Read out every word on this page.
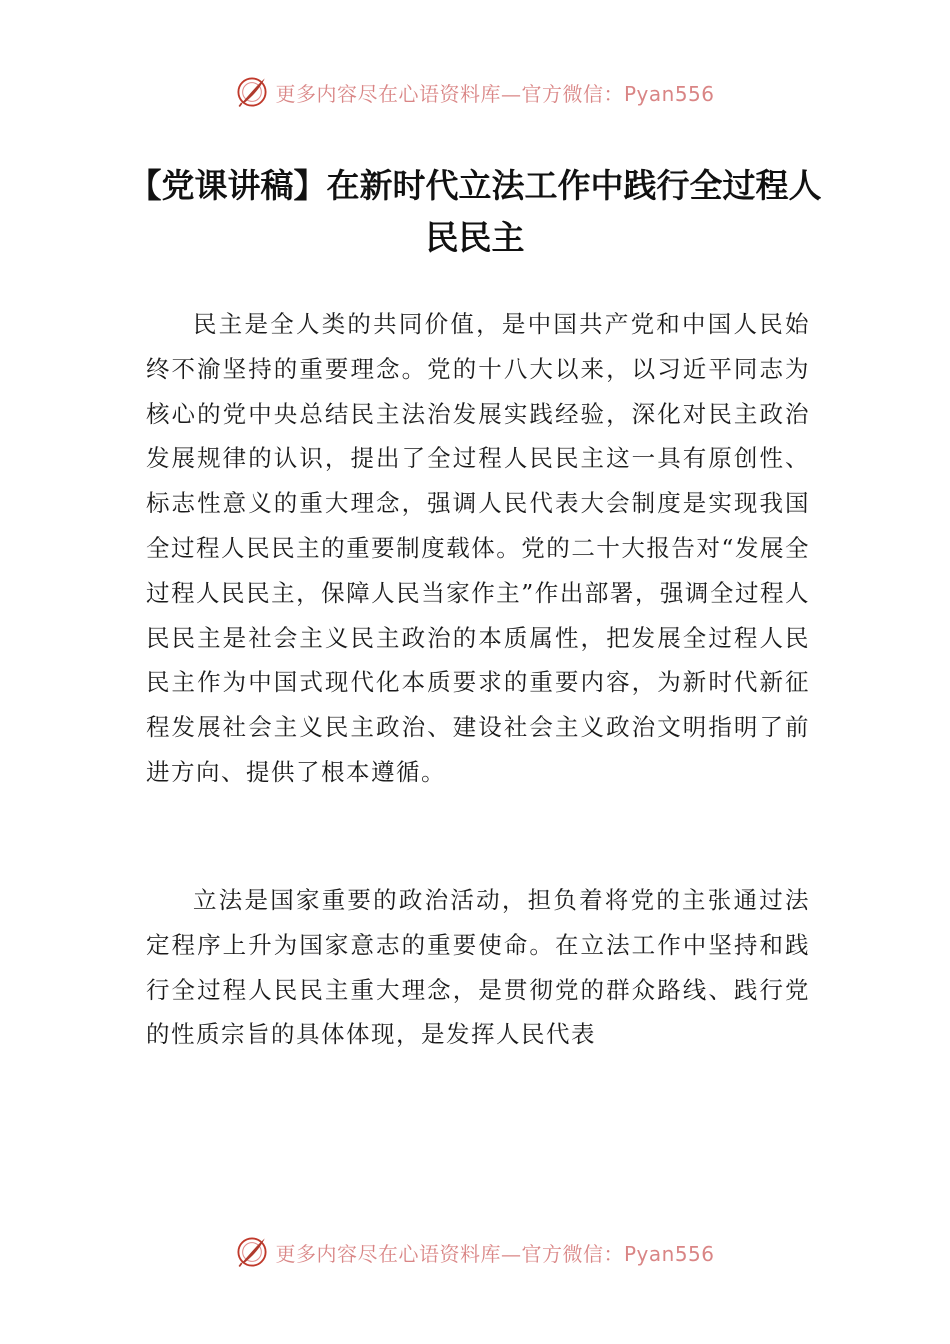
更多内容尽在心语资料库—官方微信：Pyan556
【党课讲稿】在新时代立法工作中践行全过程人民民主

民主是全人类的共同价值，是中国共产党和中国人民始终不渝坚持的重要理念。党的十八大以来，以习近平同志为核心的党中央总结民主法治发展实践经验，深化对民主政治发展规律的认识，提出了全过程人民民主这一具有原创性、标志性意义的重大理念，强调人民代表大会制度是实现我国全过程人民民主的重要制度载体。党的二十大报告对“发展全过程人民民主，保障人民当家作主”作出部署，强调全过程人民民主是社会主义民主政治的本质属性，把发展全过程人民民主作为中国式现代化本质要求的重要内容，为新时代新征程发展社会主义民主政治、建设社会主义政治文明指明了前进方向、提供了根本遵循。

立法是国家重要的政治活动，担负着将党的主张通过法定程序上升为国家意志的重要使命。在立法工作中坚持和践行全过程人民民主重大理念，是贯彻党的群众路线、践行党的性质宗旨的具体体现，是发挥人民代表

更多内容尽在心语资料库—官方微信：Pyan556
